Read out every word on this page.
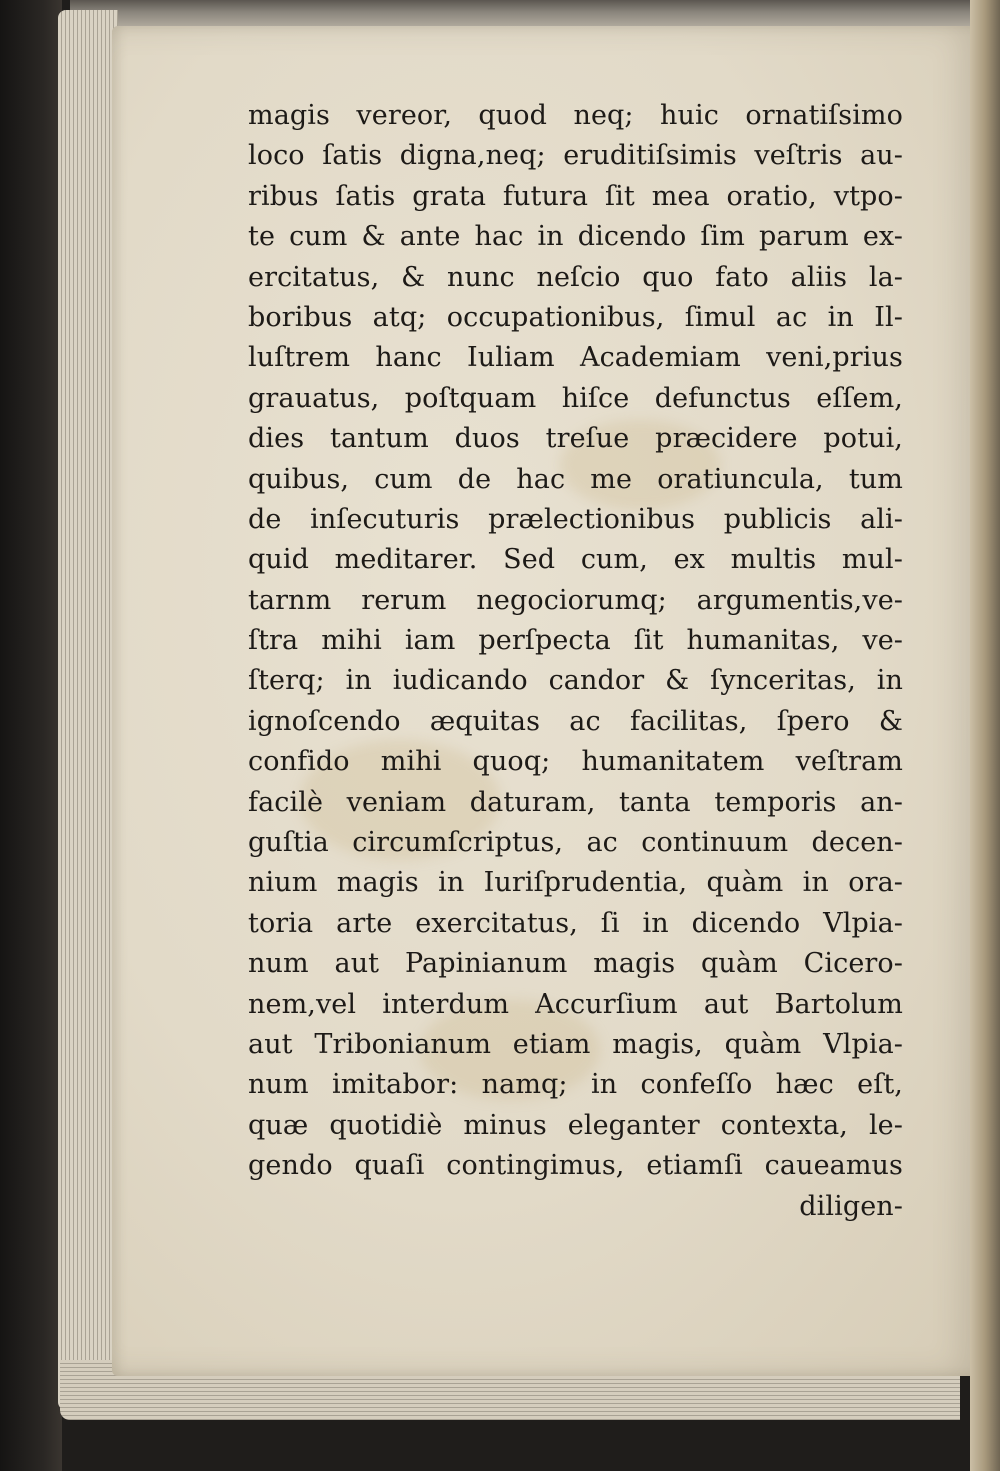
magis vereor, quod neq; huic ornatiſsimo
loco ſatis digna,neq; eruditiſsimis veſtris au-
ribus ſatis grata futura ſit mea oratio, vtpo-
te cum & ante hac in dicendo ſim parum ex-
ercitatus, & nunc neſcio quo fato aliis la-
boribus atq; occupationibus, ſimul ac in Il-
luſtrem hanc Iuliam Academiam veni,prius
grauatus, poſtquam hiſce defunctus eſſem,
dies tantum duos treſue præcidere potui,
quibus, cum de hac me oratiuncula, tum
de inſecuturis prælectionibus publicis ali-
quid meditarer. Sed cum, ex multis mul-
tarnm rerum negociorumq; argumentis,ve-
ſtra mihi iam perſpecta ſit humanitas, ve-
ſterq; in iudicando candor & ſynceritas, in
ignoſcendo æquitas ac facilitas, ſpero &
confido mihi quoq; humanitatem veſtram
facilè veniam daturam, tanta temporis an-
guſtia circumſcriptus, ac continuum decen-
nium magis in Iuriſprudentia, quàm in ora-
toria arte exercitatus, ſi in dicendo Vlpia-
num aut Papinianum magis quàm Cicero-
nem,vel interdum Accurſium aut Bartolum
aut Tribonianum etiam magis, quàm Vlpia-
num imitabor: namq; in confeſſo hæc eſt,
quæ quotidiè minus eleganter contexta, le-
gendo quaſi contingimus, etiamſi caueamus
diligen-
